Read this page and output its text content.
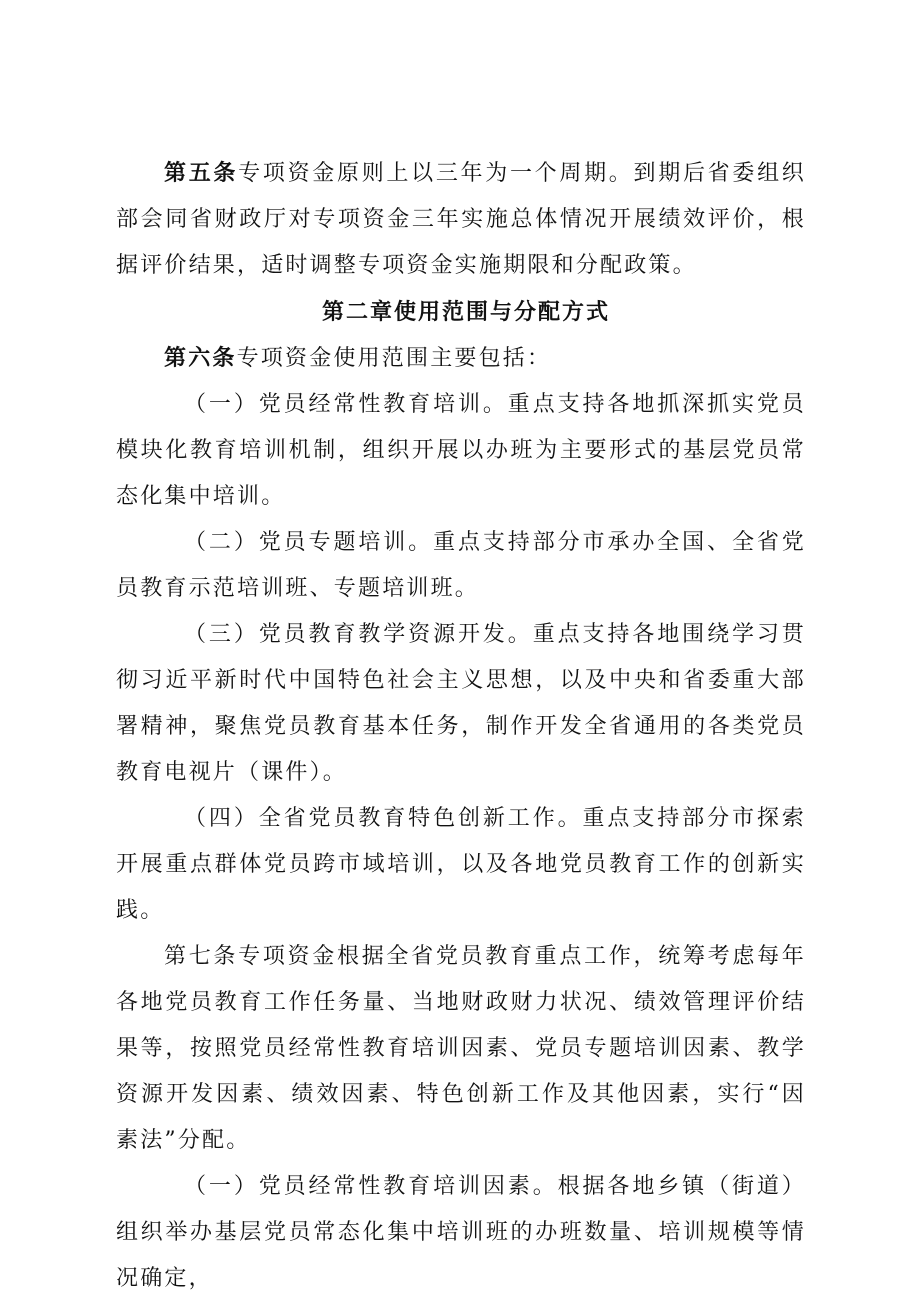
第五条专项资金原则上以三年为一个周期。到期后省委组织部会同省财政厅对专项资金三年实施总体情况开展绩效评价，根据评价结果，适时调整专项资金实施期限和分配政策。

第二章使用范围与分配方式

第六条专项资金使用范围主要包括：

（一）党员经常性教育培训。重点支持各地抓深抓实党员模块化教育培训机制，组织开展以办班为主要形式的基层党员常态化集中培训。

（二）党员专题培训。重点支持部分市承办全国、全省党员教育示范培训班、专题培训班。

（三）党员教育教学资源开发。重点支持各地围绕学习贯彻习近平新时代中国特色社会主义思想，以及中央和省委重大部署精神，聚焦党员教育基本任务，制作开发全省通用的各类党员教育电视片（课件）。

（四）全省党员教育特色创新工作。重点支持部分市探索开展重点群体党员跨市域培训，以及各地党员教育工作的创新实践。

第七条专项资金根据全省党员教育重点工作，统筹考虑每年各地党员教育工作任务量、当地财政财力状况、绩效管理评价结果等，按照党员经常性教育培训因素、党员专题培训因素、教学资源开发因素、绩效因素、特色创新工作及其他因素，实行“因素法”分配。

（一）党员经常性教育培训因素。根据各地乡镇（街道）组织举办基层党员常态化集中培训班的办班数量、培训规模等情况确定，
